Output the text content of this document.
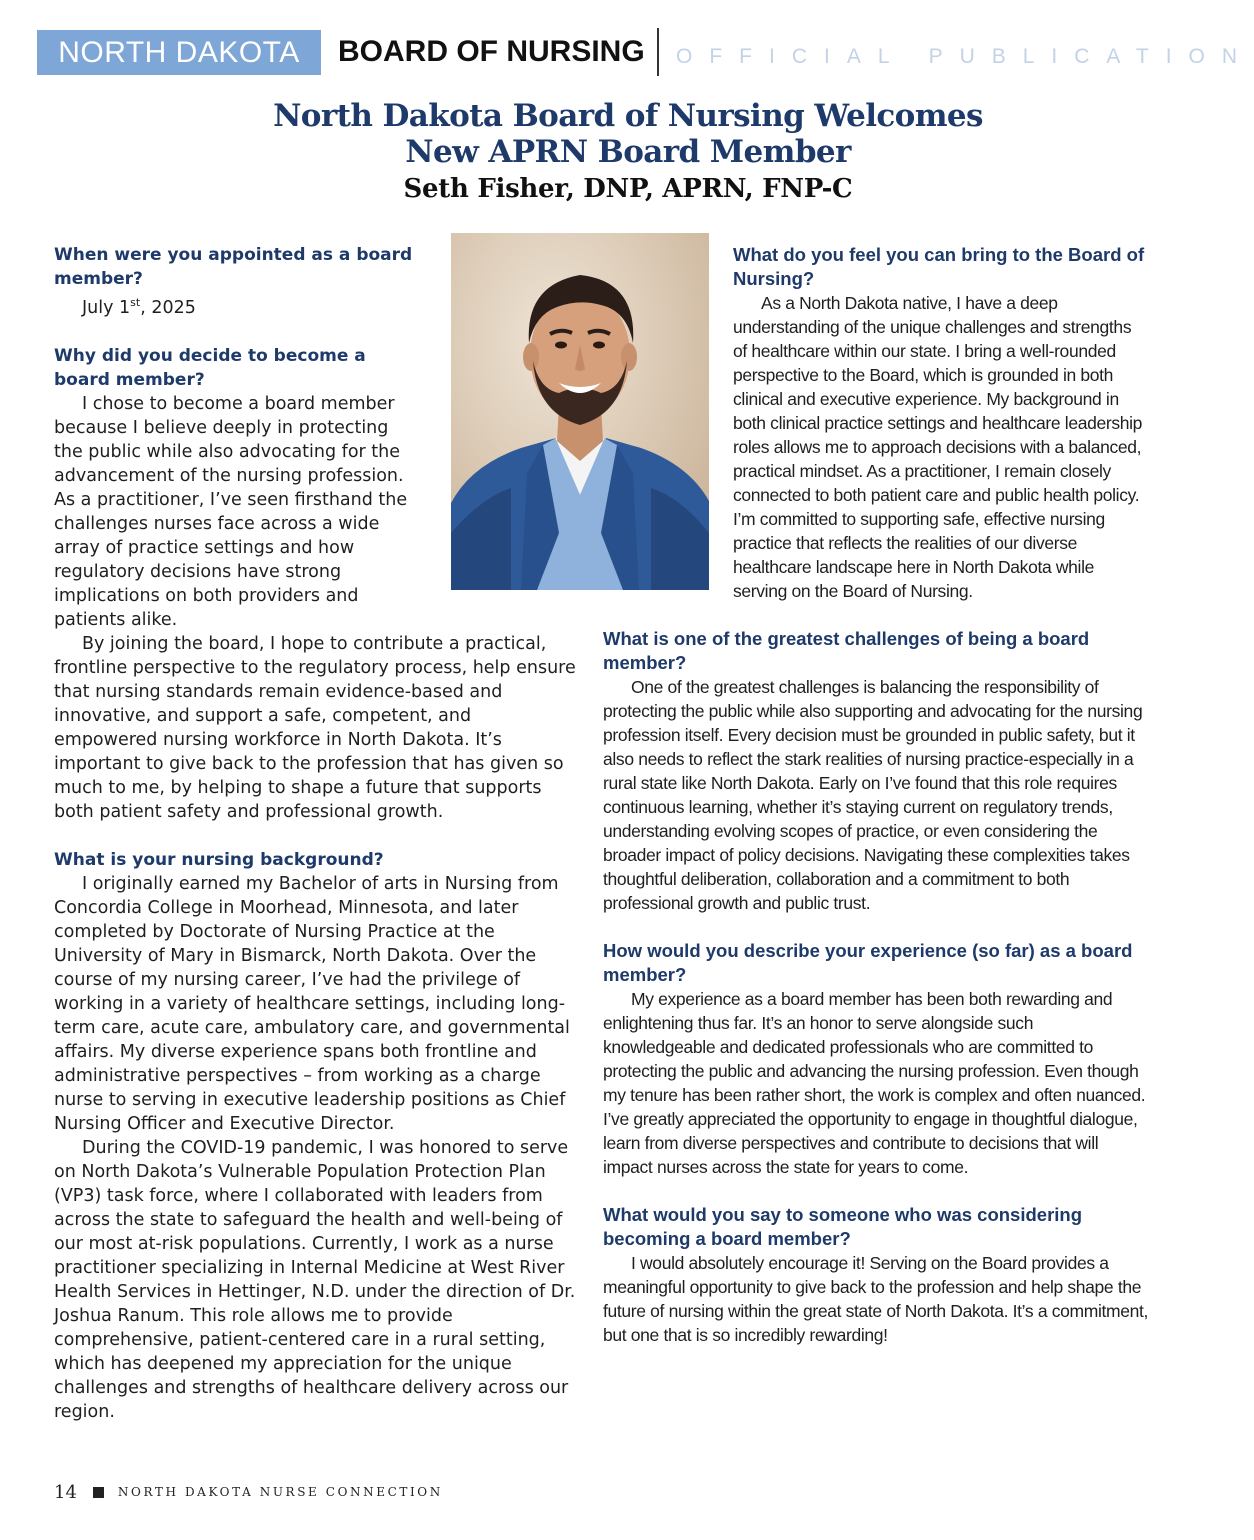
NORTH DAKOTA	BOARD OF NURSING	OFFICIAL PUBLICATION
North Dakota Board of Nursing Welcomes
New APRN Board Member
Seth Fisher, DNP, APRN, FNP-C
When were you appointed as a board member?

July 1st, 2025

Why did you decide to become a board member?

I chose to become a board member because I believe deeply in protecting the public while also advocating for the advancement of the nursing profession. As a practitioner, I’ve seen firsthand the challenges nurses face across a wide array of practice settings and how regulatory decisions have strong implications on both providers and patients alike.

By joining the board, I hope to contribute a practical, frontline perspective to the regulatory process, help ensure that nursing standards remain evidence-based and innovative, and support a safe, competent, and empowered nursing workforce in North Dakota. It’s important to give back to the profession that has given so much to me, by helping to shape a future that supports both patient safety and professional growth.

What is your nursing background?

I originally earned my Bachelor of arts in Nursing from Concordia College in Moorhead, Minnesota, and later completed by Doctorate of Nursing Practice at the University of Mary in Bismarck, North Dakota. Over the course of my nursing career, I’ve had the privilege of working in a variety of healthcare settings, including long-term care, acute care, ambulatory care, and governmental affairs. My diverse experience spans both frontline and administrative perspectives – from working as a charge nurse to serving in executive leadership positions as Chief Nursing Officer and Executive Director.

During the COVID-19 pandemic, I was honored to serve on North Dakota’s Vulnerable Population Protection Plan (VP3) task force, where I collaborated with leaders from across the state to safeguard the health and well-being of our most at-risk populations. Currently, I work as a nurse practitioner specializing in Internal Medicine at West River Health Services in Hettinger, N.D. under the direction of Dr. Joshua Ranum. This role allows me to provide comprehensive, patient-centered care in a rural setting, which has deepened my appreciation for the unique challenges and strengths of healthcare delivery across our region.

What do you feel you can bring to the Board of Nursing?

As a North Dakota native, I have a deep understanding of the unique challenges and strengths of healthcare within our state. I bring a well-rounded perspective to the Board, which is grounded in both clinical and executive experience. My background in both clinical practice settings and healthcare leadership roles allows me to approach decisions with a balanced, practical mindset. As a practitioner, I remain closely connected to both patient care and public health policy. I’m committed to supporting safe, effective nursing practice that reflects the realities of our diverse healthcare landscape here in North Dakota while serving on the Board of Nursing.

What is one of the greatest challenges of being a board member?

One of the greatest challenges is balancing the responsibility of protecting the public while also supporting and advocating for the nursing profession itself. Every decision must be grounded in public safety, but it also needs to reflect the stark realities of nursing practice-especially in a rural state like North Dakota. Early on I’ve found that this role requires continuous learning, whether it’s staying current on regulatory trends, understanding evolving scopes of practice, or even considering the broader impact of policy decisions. Navigating these complexities takes thoughtful deliberation, collaboration and a commitment to both professional growth and public trust.

How would you describe your experience (so far) as a board member?

My experience as a board member has been both rewarding and enlightening thus far. It’s an honor to serve alongside such knowledgeable and dedicated professionals who are committed to protecting the public and advancing the nursing profession. Even though my tenure has been rather short, the work is complex and often nuanced. I’ve greatly appreciated the opportunity to engage in thoughtful dialogue, learn from diverse perspectives and contribute to decisions that will impact nurses across the state for years to come.

What would you say to someone who was considering becoming a board member?

I would absolutely encourage it! Serving on the Board provides a meaningful opportunity to give back to the profession and help shape the future of nursing within the great state of North Dakota. It’s a commitment, but one that is so incredibly rewarding!

14	NORTH DAKOTA NURSE CONNECTION
